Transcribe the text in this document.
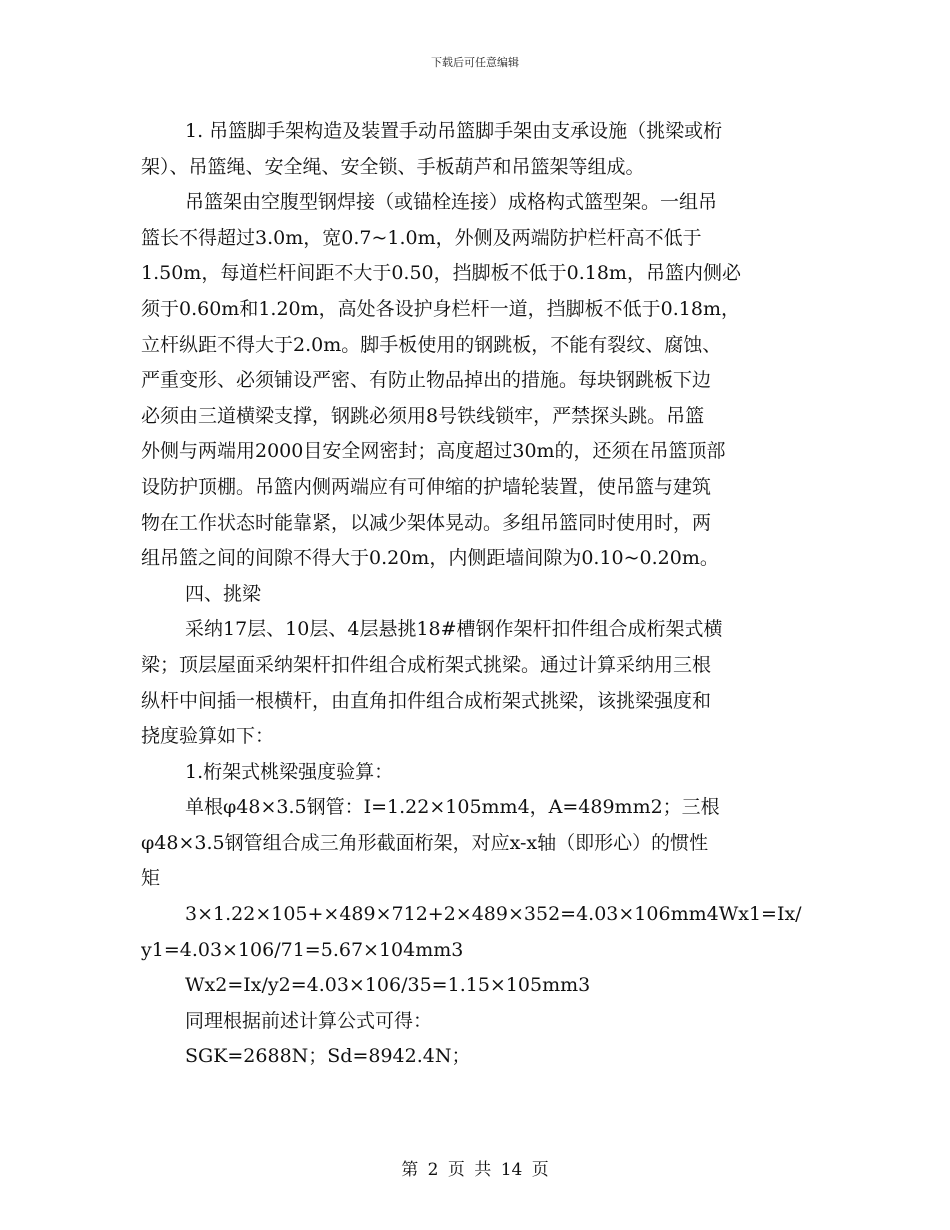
下载后可任意编辑
1. 吊篮脚手架构造及装置手动吊篮脚手架由支承设施（挑梁或桁
架）、吊篮绳、安全绳、安全锁、手板葫芦和吊篮架等组成。
吊篮架由空腹型钢焊接（或锚栓连接）成格构式篮型架。一组吊
篮长不得超过3.0m，宽0.7~1.0m，外侧及两端防护栏杆高不低于
1.50m，每道栏杆间距不大于0.50，挡脚板不低于0.18m，吊篮内侧必
须于0.60m和1.20m，高处各设护身栏杆一道，挡脚板不低于0.18m，
立杆纵距不得大于2.0m。脚手板使用的钢跳板，不能有裂纹、腐蚀、
严重变形、必须铺设严密、有防止物品掉出的措施。每块钢跳板下边
必须由三道横梁支撑，钢跳必须用8号铁线锁牢，严禁探头跳。吊篮
外侧与两端用2000目安全网密封；高度超过30m的，还须在吊篮顶部
设防护顶棚。吊篮内侧两端应有可伸缩的护墙轮装置，使吊篮与建筑
物在工作状态时能靠紧，以减少架体晃动。多组吊篮同时使用时，两
组吊篮之间的间隙不得大于0.20m，内侧距墙间隙为0.10~0.20m。
四、挑梁
采纳17层、10层、4层悬挑18#槽钢作架杆扣件组合成桁架式横
梁；顶层屋面采纳架杆扣件组合成桁架式挑梁。通过计算采纳用三根
纵杆中间插一根横杆，由直角扣件组合成桁架式挑梁，该挑梁强度和
挠度验算如下：
1.桁架式桃梁强度验算：
单根φ48×3.5钢管：I=1.22×105mm4，A=489mm2；三根
φ48×3.5钢管组合成三角形截面桁架，对应x-x轴（即形心）的惯性
矩
3×1.22×105+×489×712+2×489×352=4.03×106mm4Wx1=Ix/
y1=4.03×106/71=5.67×104mm3
Wx2=Ix/y2=4.03×106/35=1.15×105mm3
同理根据前述计算公式可得：
SGK=2688N；Sd=8942.4N；
第 2 页 共 14 页
